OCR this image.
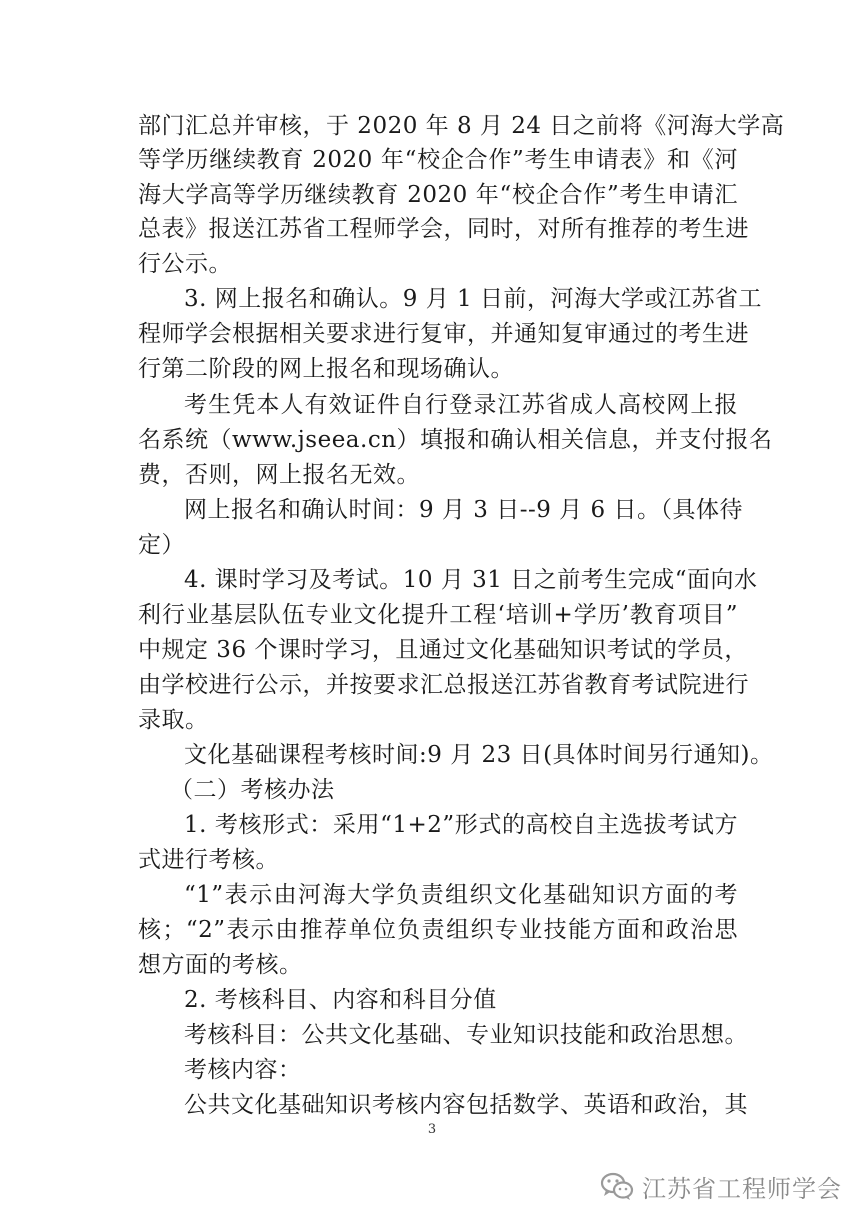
部门汇总并审核，于 2020 年 8 月 24 日之前将《河海大学高
等学历继续教育 2020 年“校企合作”考生申请表》和《河
海大学高等学历继续教育 2020 年“校企合作”考生申请汇
总表》报送江苏省工程师学会，同时，对所有推荐的考生进
行公示。
3. 网上报名和确认。9 月 1 日前，河海大学或江苏省工
程师学会根据相关要求进行复审，并通知复审通过的考生进
行第二阶段的网上报名和现场确认。
考生凭本人有效证件自行登录江苏省成人高校网上报
名系统（www.jseea.cn）填报和确认相关信息，并支付报名
费，否则，网上报名无效。
网上报名和确认时间：9 月 3 日--9 月 6 日。（具体待
定）
4. 课时学习及考试。10 月 31 日之前考生完成“面向水
利行业基层队伍专业文化提升工程‘培训+学历’教育项目”
中规定 36 个课时学习，且通过文化基础知识考试的学员，
由学校进行公示，并按要求汇总报送江苏省教育考试院进行
录取。
文化基础课程考核时间:9 月 23 日(具体时间另行通知)。
（二）考核办法
1. 考核形式：采用“1+2”形式的高校自主选拔考试方
式进行考核。
“1”表示由河海大学负责组织文化基础知识方面的考
核；“2”表示由推荐单位负责组织专业技能方面和政治思
想方面的考核。
2. 考核科目、内容和科目分值
考核科目：公共文化基础、专业知识技能和政治思想。
考核内容：
公共文化基础知识考核内容包括数学、英语和政治，其
3
江苏省工程师学会
